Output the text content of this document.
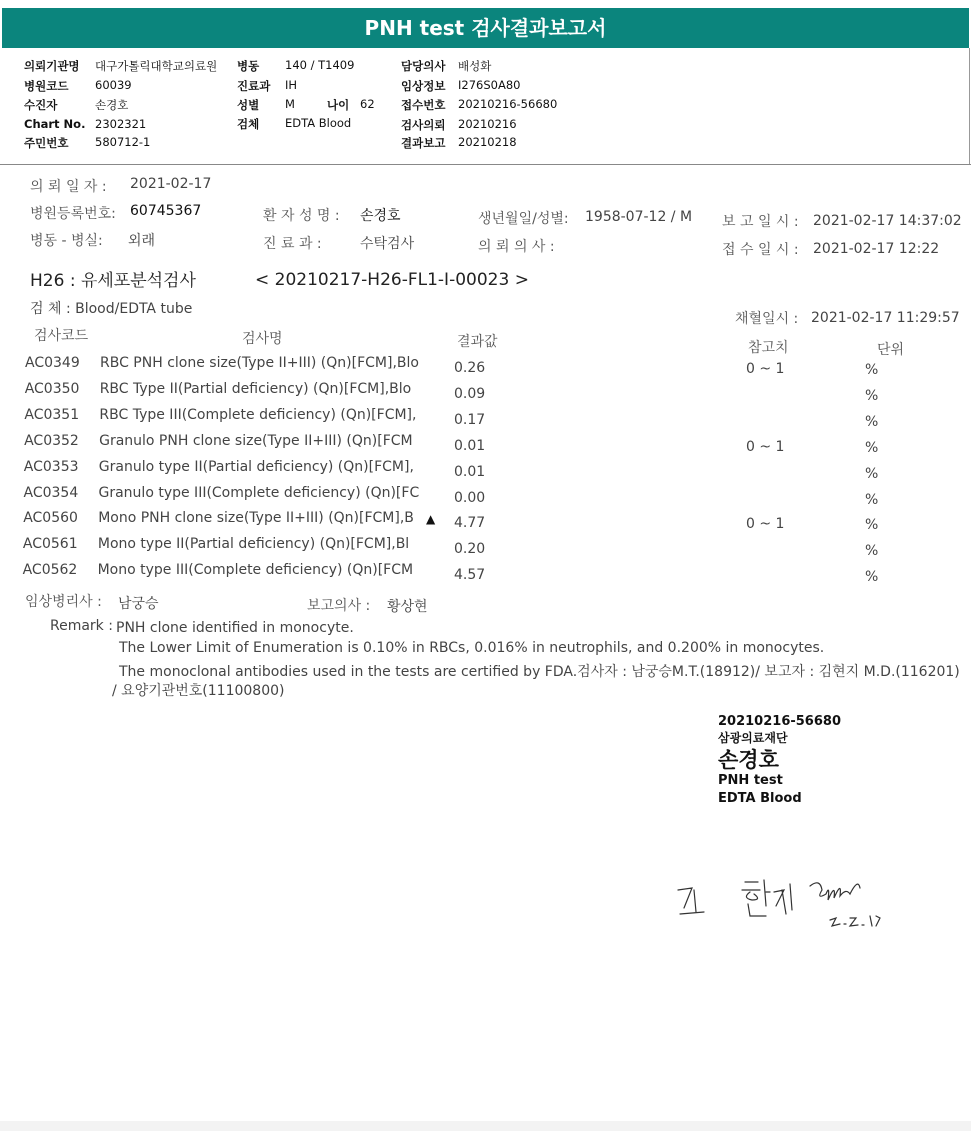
PNH test 검사결과보고서
의뢰기관명 대구가톨릭대학교의료원
병원코드 60039
수진자	손경호
Chart No. 2302321
주민번호 580712-1
병동 140 / T1409
진료과 IH
성별 M	나이 62
검체 EDTA Blood
담당의사 배성화
임상정보 I276S0A80
접수번호 20210216-56680
검사의뢰 20210216
결과보고 20210218
의 뢰 일 자 : 2021-02-17
병원등록번호: 60745367	환 자 성 명 : 손경호	생년월일/성별: 1958-07-12 / M 보 고 일 시 : 2021-02-17 14:37:02
병동 - 병실: 외래	진 료 과 :	수탁검사	의 뢰 의 사 :	접 수 일 시 : 2021-02-17 12:22
H26 : 유세포분석검사	< 20210217-H26-FL1-I-00023 >
검 체 : Blood/EDTA tube
채혈일시 : 2021-02-17 11:29:57
검사코드	검사명	결과값	참고치	단위
AC0349 RBC PNH clone size(Type II+III) (Qn)[FCM],Blo	0.26	0 ~ 1	%
AC0350 RBC Type II(Partial deficiency) (Qn)[FCM],Blo	0.09	%
AC0351 RBC Type III(Complete deficiency) (Qn)[FCM],	0.17	%
AC0352 Granulo PNH clone size(Type II+III) (Qn)[FCM	0.01	0 ~ 1	%
AC0353 Granulo type II(Partial deficiency) (Qn)[FCM],	0.01	%
AC0354 Granulo type III(Complete deficiency) (Qn)[FC 0.00	%
AC0560 Mono PNH clone size(Type II+III) (Qn)[FCM],B ▲ 4.77	0 ~ 1	%
AC0561 Mono type II(Partial deficiency) (Qn)[FCM],Bl	0.20	%
AC0562 Mono type III(Complete deficiency) (Qn)[FCM	4.57	%
임상병리사 : 남궁승	보고의사 : 황상현
Remark : PNH clone identified in monocyte.
The Lower Limit of Enumeration is 0.10% in RBCs, 0.016% in neutrophils, and 0.200% in monocytes.
The monoclonal antibodies used in the tests are certified by FDA.검사자 : 남궁승M.T.(18912)/ 보고자 : 김현지 M.D.(116201)
/ 요양기관번호(11100800)
20210216-56680
삼광의료재단
손경호
PNH test
EDTA Blood
